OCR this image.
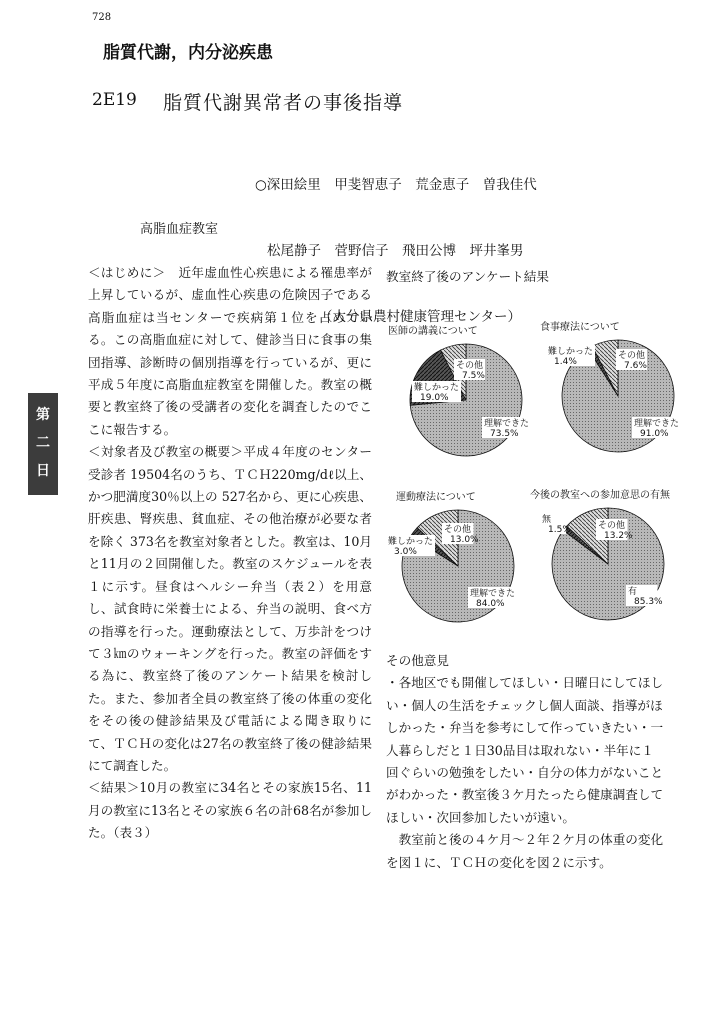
728
脂質代謝，内分泌疾患
2E19 脂質代謝異常者の事後指導

○深田絵里　甲斐智恵子　荒金恵子　曽我佳代

松尾静子　菅野信子　飛田公博　坪井峯男

（大分県農村健康管理センター）

高脂血症教室
第
二
日

＜はじめに＞　近年虚血性心疾患による罹患率が上昇しているが、虚血性心疾患の危険因子である高脂血症は当センターで疾病第１位を占めている。この高脂血症に対して、健診当日に食事の集団指導、診断時の個別指導を行っているが、更に平成５年度に高脂血症教室を開催した。教室の概要と教室終了後の受講者の変化を調査したのでここに報告する。

＜対象者及び教室の概要＞平成４年度のセンター受診者 19504名のうち、ＴＣＨ220mg/dℓ以上、かつ肥満度30％以上の 527名から、更に心疾患、肝疾患、腎疾患、貧血症、その他治療が必要な者を除く 373名を教室対象者とした。教室は、10月と11月の２回開催した。教室のスケジュールを表１に示す。昼食はヘルシー弁当（表２）を用意し、試食時に栄養士による、弁当の説明、食べ方の指導を行った。運動療法として、万歩計をつけて３㎞のウォーキングを行った。教室の評価をする為に、教室終了後のアンケート結果を検討した。また、参加者全員の教室終了後の体重の変化をその後の健診結果及び電話による聞き取りにて、ＴＣＨの変化は27名の教室終了後の健診結果にて調査した。

＜結果＞10月の教室に34名とその家族15名、11月の教室に13名とその家族６名の計68名が参加した。（表３）

教室終了後のアンケート結果
医師の講義について
理解できた
73.5%
難しかった
19.0%
その他
7.5%
食事療法について
理解できた
91.0%
難しかった
1.4%
その他
7.6%
運動療法について
理解できた
84.0%
難しかった
3.0%
その他
13.0%
今後の教室への参加意思の有無
有
85.3%
無
1.5%	その他
13.2%

その他意見

・各地区でも開催してほしい・日曜日にしてほしい・個人の生活をチェックし個人面談、指導がほしかった・弁当を参考にして作っていきたい・一人暮らしだと１日30品目は取れない・半年に１回ぐらいの勉強をしたい・自分の体力がないことがわかった・教室後３ケ月たったら健康調査してほしい・次回参加したいが遠い。

　教室前と後の４ケ月～２年２ケ月の体重の変化を図１に、ＴＣＨの変化を図２に示す。
